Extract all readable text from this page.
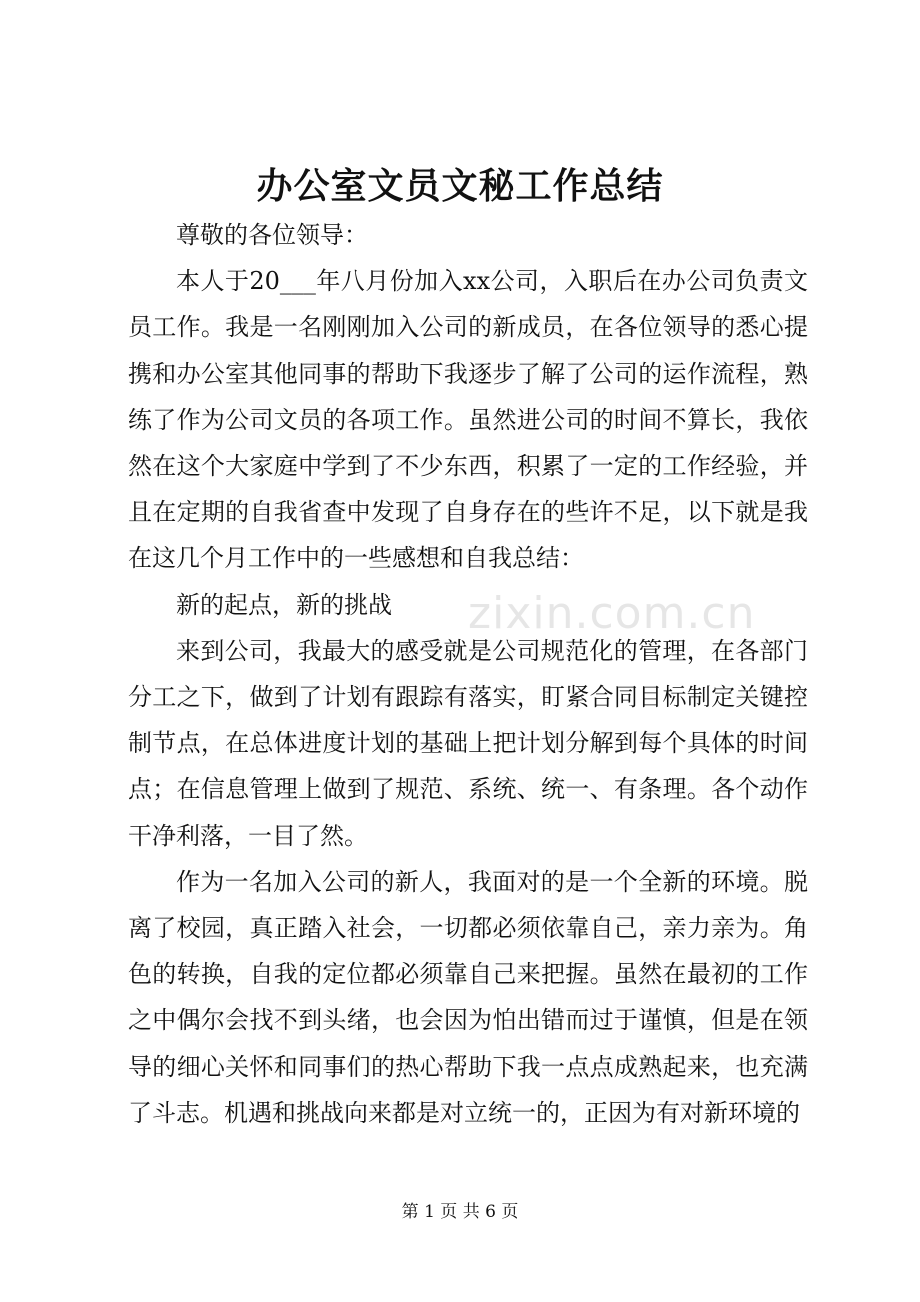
办公室文员文秘工作总结

尊敬的各位领导：

本人于20___年八月份加入xx公司，入职后在办公司负责文员工作。我是一名刚刚加入公司的新成员，在各位领导的悉心提携和办公室其他同事的帮助下我逐步了解了公司的运作流程，熟练了作为公司文员的各项工作。虽然进公司的时间不算长，我依然在这个大家庭中学到了不少东西，积累了一定的工作经验，并且在定期的自我省查中发现了自身存在的些许不足，以下就是我在这几个月工作中的一些感想和自我总结：

新的起点，新的挑战

来到公司，我最大的感受就是公司规范化的管理，在各部门分工之下，做到了计划有跟踪有落实，盯紧合同目标制定关键控制节点，在总体进度计划的基础上把计划分解到每个具体的时间点；在信息管理上做到了规范、系统、统一、有条理。各个动作干净利落，一目了然。

作为一名加入公司的新人，我面对的是一个全新的环境。脱离了校园，真正踏入社会，一切都必须依靠自己，亲力亲为。角色的转换，自我的定位都必须靠自己来把握。虽然在最初的工作之中偶尔会找不到头绪，也会因为怕出错而过于谨慎，但是在领导的细心关怀和同事们的热心帮助下我一点点成熟起来，也充满了斗志。机遇和挑战向来都是对立统一的，正因为有对新环境的

zixin.com.cn
第 1 页 共 6 页
